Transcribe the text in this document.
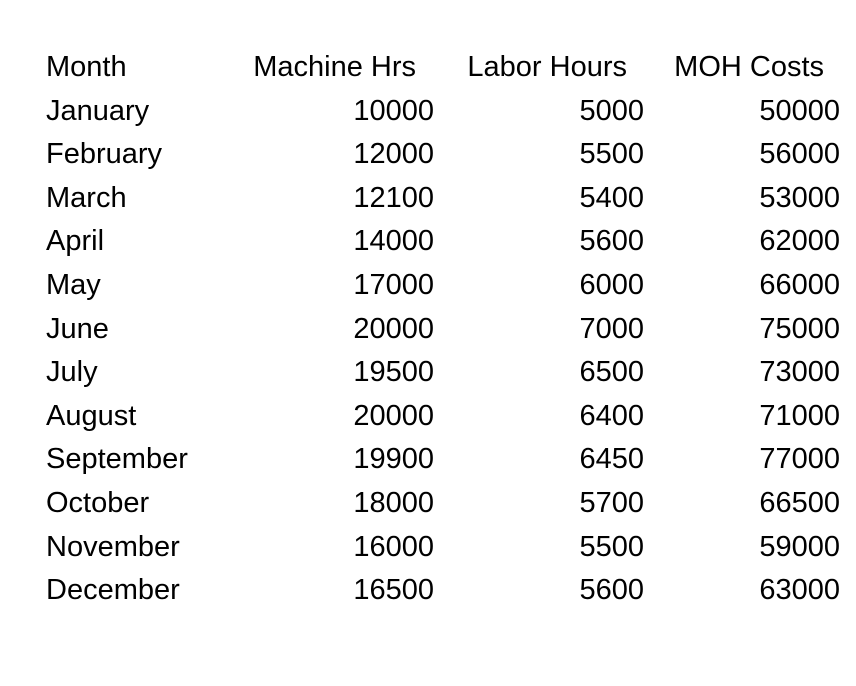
Month	Machine Hrs	Labor Hours	MOH Costs
January	10000	5000	50000
February	12000	5500	56000
March	12100	5400	53000
April	14000	5600	62000
May	17000	6000	66000
June	20000	7000	75000
July	19500	6500	73000
August	20000	6400	71000
September	19900	6450	77000
October	18000	5700	66500
November	16000	5500	59000
December	16500	5600	63000
